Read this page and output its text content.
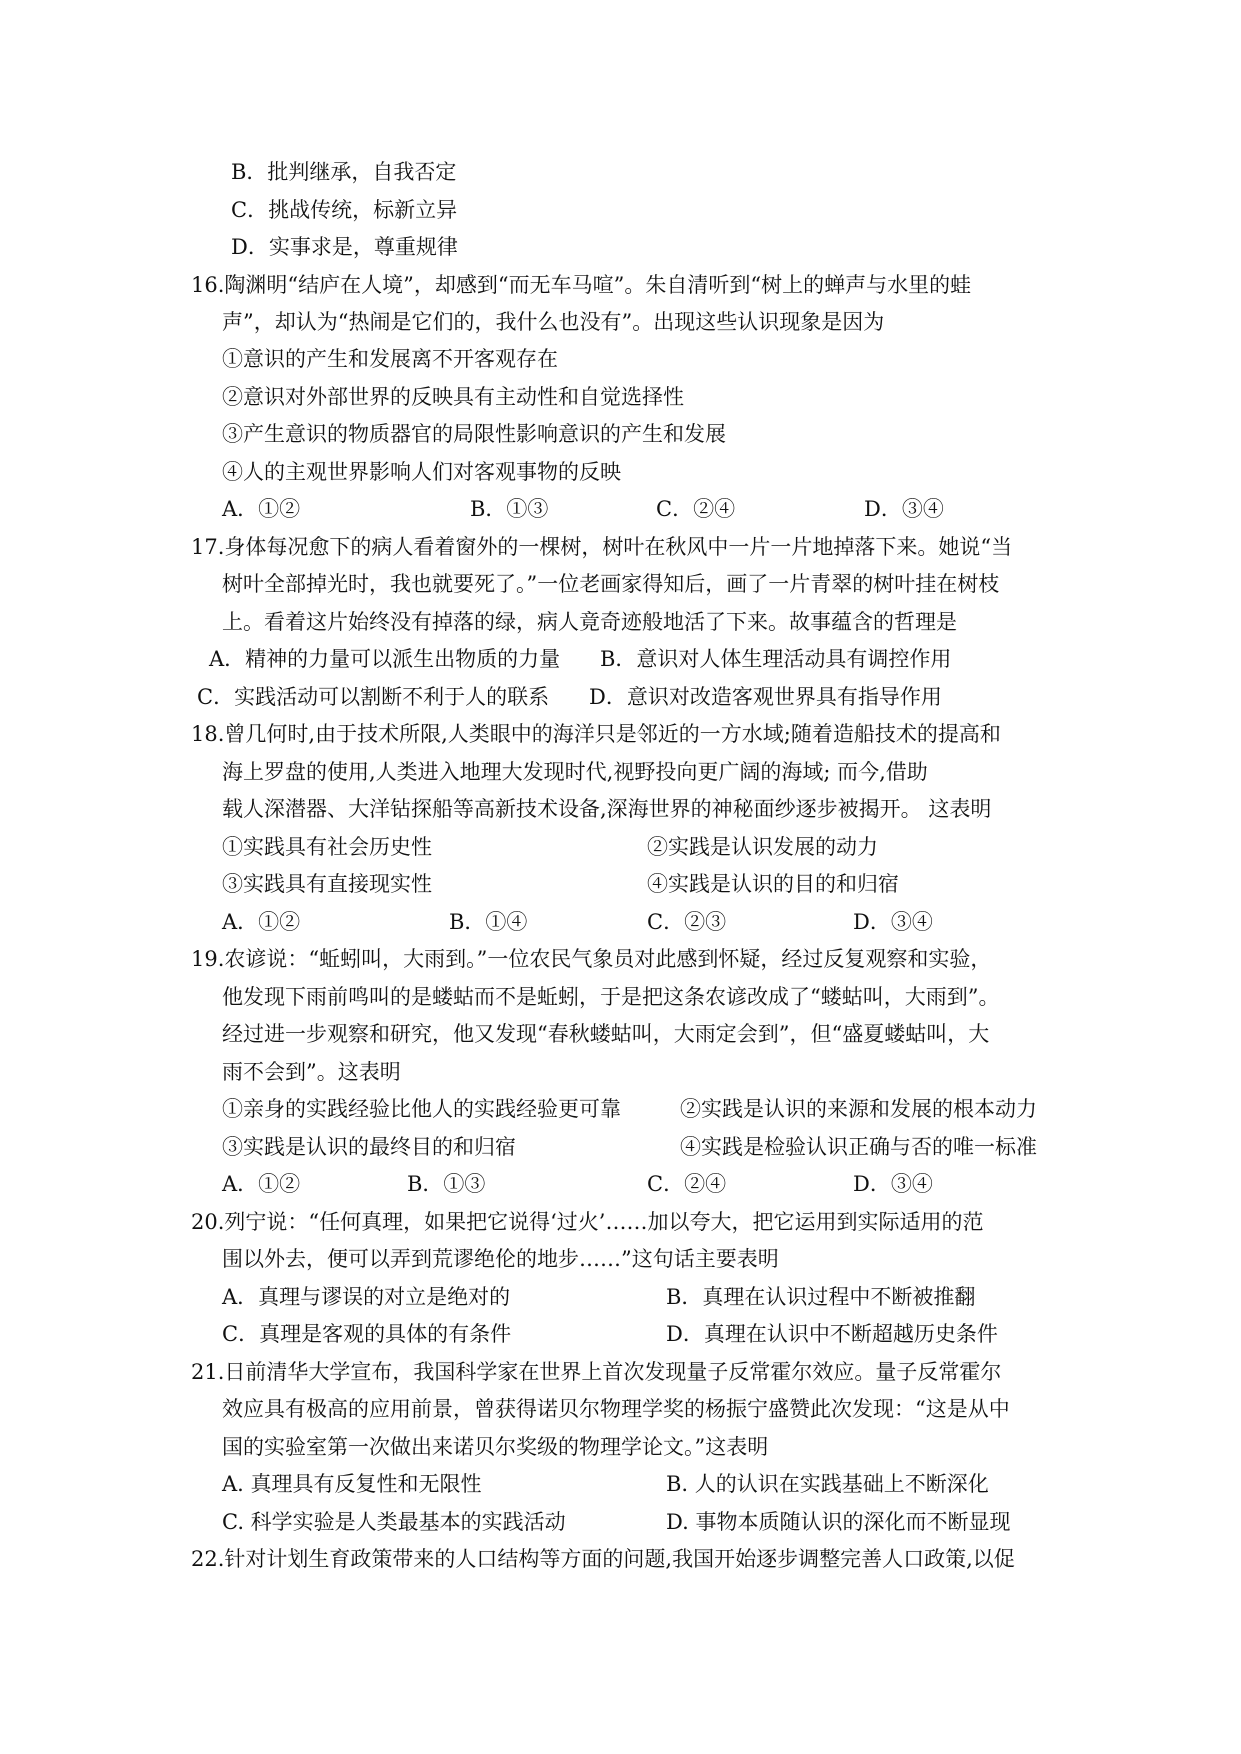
B．批判继承，自我否定
C．挑战传统，标新立异
D．实事求是，尊重规律
16.陶渊明“结庐在人境”，却感到“而无车马喧”。朱自清听到“树上的蝉声与水里的蛙
声”，却认为“热闹是它们的，我什么也没有”。出现这些认识现象是因为
①意识的产生和发展离不开客观存在
②意识对外部世界的反映具有主动性和自觉选择性
③产生意识的物质器官的局限性影响意识的产生和发展
④人的主观世界影响人们对客观事物的反映
A．①②	B．①③	C．②④	D．③④
17.身体每况愈下的病人看着窗外的一棵树，树叶在秋风中一片一片地掉落下来。她说“当
树叶全部掉光时，我也就要死了。”一位老画家得知后，画了一片青翠的树叶挂在树枝
上。看着这片始终没有掉落的绿，病人竟奇迹般地活了下来。故事蕴含的哲理是
A．精神的力量可以派生出物质的力量 B．意识对人体生理活动具有调控作用
C．实践活动可以割断不利于人的联系 D．意识对改造客观世界具有指导作用
18.曾几何时,由于技术所限,人类眼中的海洋只是邻近的一方水域;随着造船技术的提高和
海上罗盘的使用,人类进入地理大发现时代,视野投向更广阔的海域; 而今,借助
载人深潜器、大洋钻探船等高新技术设备,深海世界的神秘面纱逐步被揭开。 这表明
①实践具有社会历史性	②实践是认识发展的动力
③实践具有直接现实性	④实践是认识的目的和归宿
A．①②	B．①④	C．②③	D．③④
19.农谚说：“蚯蚓叫，大雨到。”一位农民气象员对此感到怀疑，经过反复观察和实验，
他发现下雨前鸣叫的是蝼蛄而不是蚯蚓，于是把这条农谚改成了“蝼蛄叫，大雨到”。
经过进一步观察和研究，他又发现“春秋蝼蛄叫，大雨定会到”，但“盛夏蝼蛄叫，大
雨不会到”。这表明
①亲身的实践经验比他人的实践经验更可靠	②实践是认识的来源和发展的根本动力
③实践是认识的最终目的和归宿	④实践是检验认识正确与否的唯一标准
A．①②	B．①③	C．②④	D．③④
20.列宁说：“任何真理，如果把它说得‘过火’……加以夸大，把它运用到实际适用的范
围以外去，便可以弄到荒谬绝伦的地步……”这句话主要表明
A．真理与谬误的对立是绝对的	B．真理在认识过程中不断被推翻
C．真理是客观的具体的有条件	D．真理在认识中不断超越历史条件
21.日前清华大学宣布，我国科学家在世界上首次发现量子反常霍尔效应。量子反常霍尔
效应具有极高的应用前景，曾获得诺贝尔物理学奖的杨振宁盛赞此次发现：“这是从中
国的实验室第一次做出来诺贝尔奖级的物理学论文。”这表明
A. 真理具有反复性和无限性	B. 人的认识在实践基础上不断深化
C. 科学实验是人类最基本的实践活动	D. 事物本质随认识的深化而不断显现
22.针对计划生育政策带来的人口结构等方面的问题,我国开始逐步调整完善人口政策,以促
